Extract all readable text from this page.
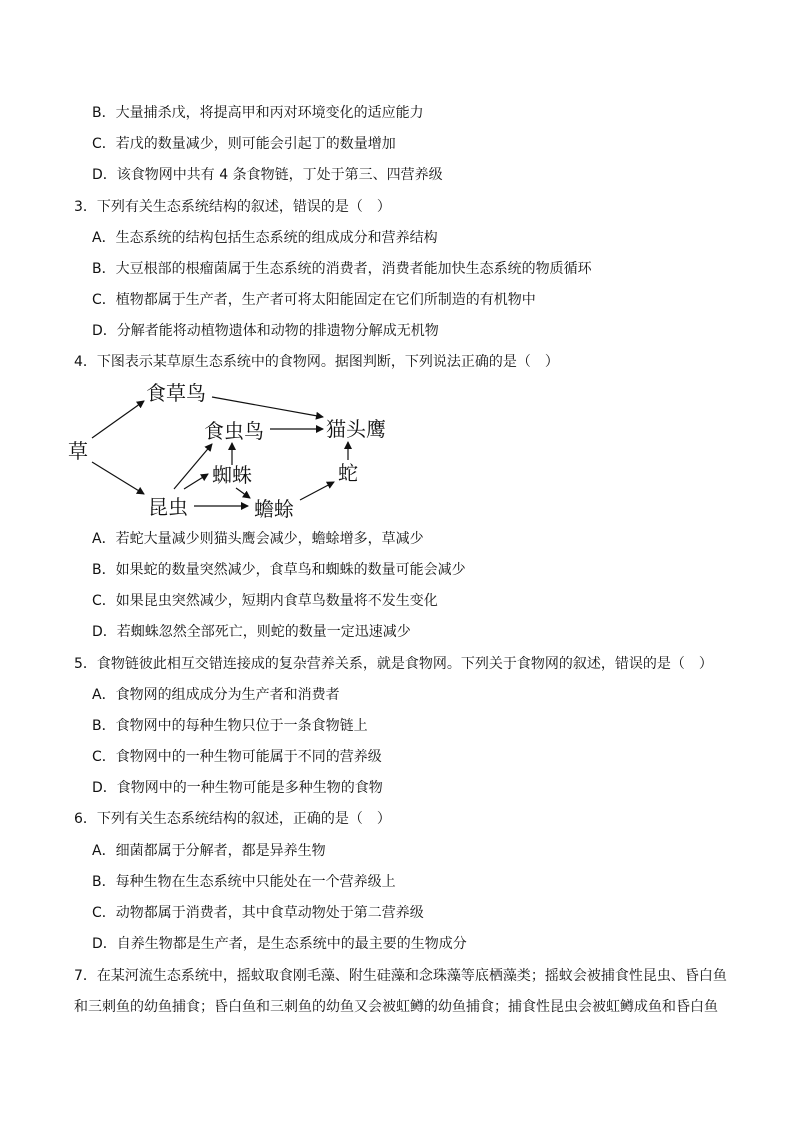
B．大量捕杀戊，将提高甲和丙对环境变化的适应能力
C．若戊的数量减少，则可能会引起丁的数量增加
D．该食物网中共有 4 条食物链，丁处于第三、四营养级
3．下列有关生态系统结构的叙述，错误的是（　）
A．生态系统的结构包括生态系统的组成成分和营养结构
B．大豆根部的根瘤菌属于生态系统的消费者，消费者能加快生态系统的物质循环
C．植物都属于生产者，生产者可将太阳能固定在它们所制造的有机物中
D．分解者能将动植物遗体和动物的排遗物分解成无机物
4．下图表示某草原生态系统中的食物网。据图判断，下列说法正确的是（　）
草
食草鸟
食虫鸟	猫头鹰
蜘蛛	蛇
昆虫	蟾蜍
A．若蛇大量减少则猫头鹰会减少，蟾蜍增多，草减少
B．如果蛇的数量突然减少，食草鸟和蜘蛛的数量可能会减少
C．如果昆虫突然减少，短期内食草鸟数量将不发生变化
D．若蜘蛛忽然全部死亡，则蛇的数量一定迅速减少
5．食物链彼此相互交错连接成的复杂营养关系，就是食物网。下列关于食物网的叙述，错误的是（　）
A．食物网的组成成分为生产者和消费者
B．食物网中的每种生物只位于一条食物链上
C．食物网中的一种生物可能属于不同的营养级
D．食物网中的一种生物可能是多种生物的食物
6．下列有关生态系统结构的叙述，正确的是（　）
A．细菌都属于分解者，都是异养生物
B．每种生物在生态系统中只能处在一个营养级上
C．动物都属于消费者，其中食草动物处于第二营养级
D．自养生物都是生产者，是生态系统中的最主要的生物成分
7．在某河流生态系统中，摇蚊取食刚毛藻、附生硅藻和念珠藻等底栖藻类；摇蚊会被捕食性昆虫、昏白鱼
和三刺鱼的幼鱼捕食；昏白鱼和三刺鱼的幼鱼又会被虹鳟的幼鱼捕食；捕食性昆虫会被虹鳟成鱼和昏白鱼
